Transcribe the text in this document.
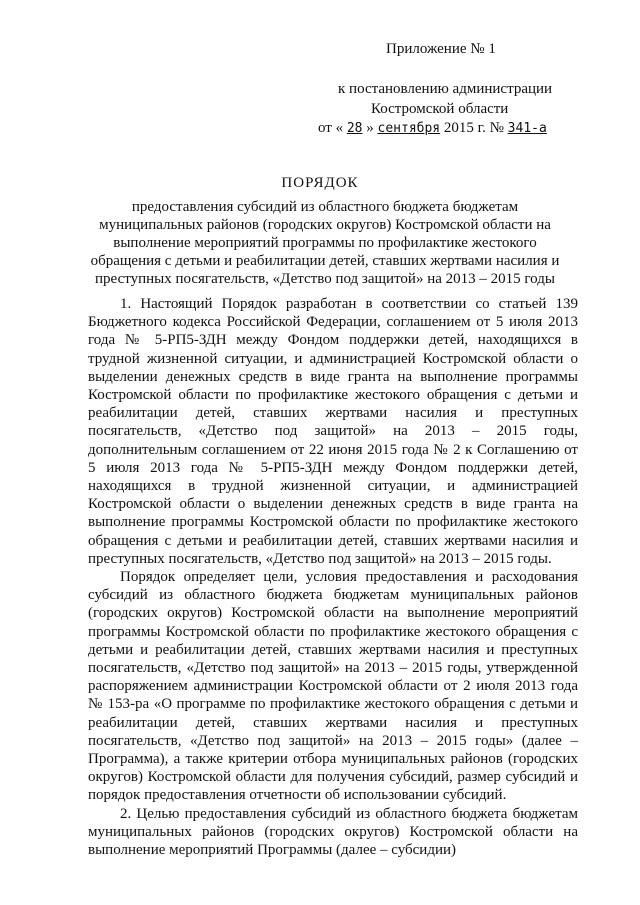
Приложение № 1
к постановлению администрации
Костромской области
от « 28 » сентября 2015 г. № 341-а
ПОРЯДОК
предоставления субсидий из областного бюджета бюджетам муниципальных районов (городских округов) Костромской области на выполнение мероприятий программы по профилактике жестокого обращения с детьми и реабилитации детей, ставших жертвами насилия и преступных посягательств, «Детство под защитой» на 2013 – 2015 годы

1. Настоящий Порядок разработан в соответствии со статьей 139 Бюджетного кодекса Российской Федерации, соглашением от 5 июля 2013 года № 5-РП5-ЗДН между Фондом поддержки детей, находящихся в трудной жизненной ситуации, и администрацией Костромской области о выделении денежных средств в виде гранта на выполнение программы Костромской области по профилактике жестокого обращения с детьми и реабилитации детей, ставших жертвами насилия и преступных посягательств, «Детство под защитой» на 2013 – 2015 годы, дополнительным соглашением от 22 июня 2015 года № 2 к Соглашению от 5 июля 2013 года № 5-РП5-ЗДН между Фондом поддержки детей, находящихся в трудной жизненной ситуации, и администрацией Костромской области о выделении денежных средств в виде гранта на выполнение программы Костромской области по профилактике жестокого обращения с детьми и реабилитации детей, ставших жертвами насилия и преступных посягательств, «Детство под защитой» на 2013 – 2015 годы.

Порядок определяет цели, условия предоставления и расходования субсидий из областного бюджета бюджетам муниципальных районов (городских округов) Костромской области на выполнение мероприятий программы Костромской области по профилактике жестокого обращения с детьми и реабилитации детей, ставших жертвами насилия и преступных посягательств, «Детство под защитой» на 2013 – 2015 годы, утвержденной распоряжением администрации Костромской области от 2 июля 2013 года № 153-ра «О программе по профилактике жестокого обращения с детьми и реабилитации детей, ставших жертвами насилия и преступных посягательств, «Детство под защитой» на 2013 – 2015 годы» (далее – Программа), а также критерии отбора муниципальных районов (городских округов) Костромской области для получения субсидий, размер субсидий и порядок предоставления отчетности об использовании субсидий.

2. Целью предоставления субсидий из областного бюджета бюджетам муниципальных районов (городских округов) Костромской области на выполнение мероприятий Программы (далее – субсидии)
